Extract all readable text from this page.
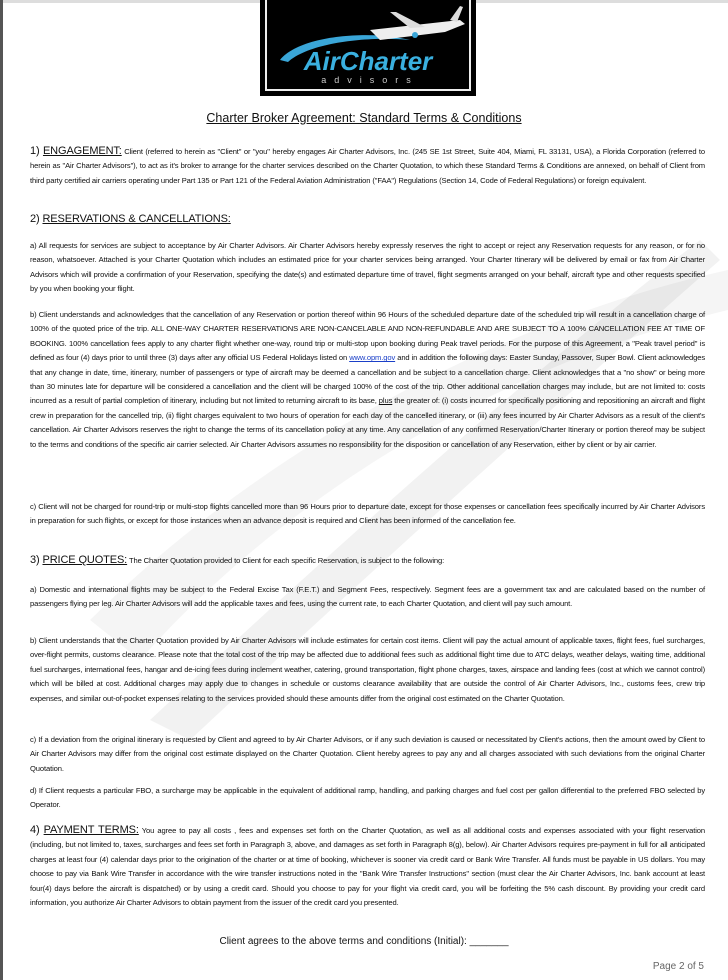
AirCharter
advisors
Charter Broker Agreement: Standard Terms & Conditions
1) ENGAGEMENT: Client (referred to herein as "Client" or "you" hereby engages Air Charter Advisors, Inc. (245 SE 1st Street, Suite 404, Miami, FL 33131, USA), a Florida Corporation (referred to herein as "Air Charter Advisors"), to act as it's broker to arrange for the charter services described on the Charter Quotation, to which these Standard Terms & Conditions are annexed, on behalf of Client from third party certified air carriers operating under Part 135 or Part 121 of the Federal Aviation Administration ("FAA") Regulations (Section 14, Code of Federal Regulations) or foreign equivalent.
2) RESERVATIONS & CANCELLATIONS:
a) All requests for services are subject to acceptance by Air Charter Advisors. Air Charter Advisors hereby expressly reserves the right to accept or reject any Reservation requests for any reason, or for no reason, whatsoever. Attached is your Charter Quotation which includes an estimated price for your charter services being arranged. Your Charter Itinerary will be delivered by email or fax from Air Charter Advisors which will provide a confirmation of your Reservation, specifying the date(s) and estimated departure time of travel, flight segments arranged on your behalf, aircraft type and other requests specified by you when booking your flight.
b) Client understands and acknowledges that the cancellation of any Reservation or portion thereof within 96 Hours of the scheduled departure date of the scheduled trip will result in a cancellation charge of 100% of the quoted price of the trip. ALL ONE-WAY CHARTER RESERVATIONS ARE NON-CANCELABLE AND NON-REFUNDABLE AND ARE SUBJECT TO A 100% CANCELLATION FEE AT TIME OF BOOKING. 100% cancellation fees apply to any charter flight whether one-way, round trip or multi-stop upon booking during Peak travel periods. For the purpose of this Agreement, a "Peak travel period" is defined as four (4) days prior to until three (3) days after any official US Federal Holidays listed on www.opm.gov and in addition the following days: Easter Sunday, Passover, Super Bowl. Client acknowledges that any change in date, time, itinerary, number of passengers or type of aircraft may be deemed a cancellation and be subject to a cancellation charge. Client acknowledges that a "no show" or being more than 30 minutes late for departure will be considered a cancellation and the client will be charged 100% of the cost of the trip. Other additional cancellation charges may include, but are not limited to: costs incurred as a result of partial completion of itinerary, including but not limited to returning aircraft to its base, plus the greater of: (i) costs incurred for specifically positioning and repositioning an aircraft and flight crew in preparation for the cancelled trip, (ii) flight charges equivalent to two hours of operation for each day of the cancelled itinerary, or (iii) any fees incurred by Air Charter Advisors as a result of the client's cancellation. Air Charter Advisors reserves the right to change the terms of its cancellation policy at any time. Any cancellation of any confirmed Reservation/Charter Itinerary or portion thereof may be subject to the terms and conditions of the specific air carrier selected. Air Charter Advisors assumes no responsibility for the disposition or cancellation of any Reservation, either by client or by air carrier.
c) Client will not be charged for round-trip or multi-stop flights cancelled more than 96 Hours prior to departure date, except for those expenses or cancellation fees specifically incurred by Air Charter Advisors in preparation for such flights, or except for those instances when an advance deposit is required and Client has been informed of the cancellation fee.
3) PRICE QUOTES: The Charter Quotation provided to Client for each specific Reservation, is subject to the following:
a) Domestic and international flights may be subject to the Federal Excise Tax (F.E.T.) and Segment Fees, respectively. Segment fees are a government tax and are calculated based on the number of passengers flying per leg. Air Charter Advisors will add the applicable taxes and fees, using the current rate, to each Charter Quotation, and client will pay such amount.
b) Client understands that the Charter Quotation provided by Air Charter Advisors will include estimates for certain cost items. Client will pay the actual amount of applicable taxes, flight fees, fuel surcharges, over-flight permits, customs clearance. Please note that the total cost of the trip may be affected due to additional fees such as additional flight time due to ATC delays, weather delays, waiting time, additional fuel surcharges, international fees, hangar and de-icing fees during inclement weather, catering, ground transportation, flight phone charges, taxes, airspace and landing fees (cost at which we cannot control) which will be billed at cost. Additional charges may apply due to changes in schedule or customs clearance availability that are outside the control of Air Charter Advisors, Inc., customs fees, crew trip expenses, and similar out-of-pocket expenses relating to the services provided should these amounts differ from the original cost estimated on the Charter Quotation.
c) If a deviation from the original itinerary is requested by Client and agreed to by Air Charter Advisors, or if any such deviation is caused or necessitated by Client's actions, then the amount owed by Client to Air Charter Advisors may differ from the original cost estimate displayed on the Charter Quotation. Client hereby agrees to pay any and all charges associated with such deviations from the original Charter Quotation.
d) If Client requests a particular FBO, a surcharge may be applicable in the equivalent of additional ramp, handling, and parking charges and fuel cost per gallon differential to the preferred FBO selected by Operator.
4) PAYMENT TERMS: You agree to pay all costs , fees and expenses set forth on the Charter Quotation, as well as all additional costs and expenses associated with your flight reservation (including, but not limited to, taxes, surcharges and fees set forth in Paragraph 3, above, and damages as set forth in Paragraph 8(g), below). Air Charter Advisors requires pre-payment in full for all anticipated charges at least four (4) calendar days prior to the origination of the charter or at time of booking, whichever is sooner via credit card or Bank Wire Transfer. All funds must be payable in US dollars. You may choose to pay via Bank Wire Transfer in accordance with the wire transfer instructions noted in the "Bank Wire Transfer Instructions" section (must clear the Air Charter Advisors, Inc. bank account at least four(4) days before the aircraft is dispatched) or by using a credit card. Should you choose to pay for your flight via credit card, you will be forfeiting the 5% cash discount. By providing your credit card information, you authorize Air Charter Advisors to obtain payment from the issuer of the credit card you presented.
Client agrees to the above terms and conditions (Initial): _______
Page 2 of 5
